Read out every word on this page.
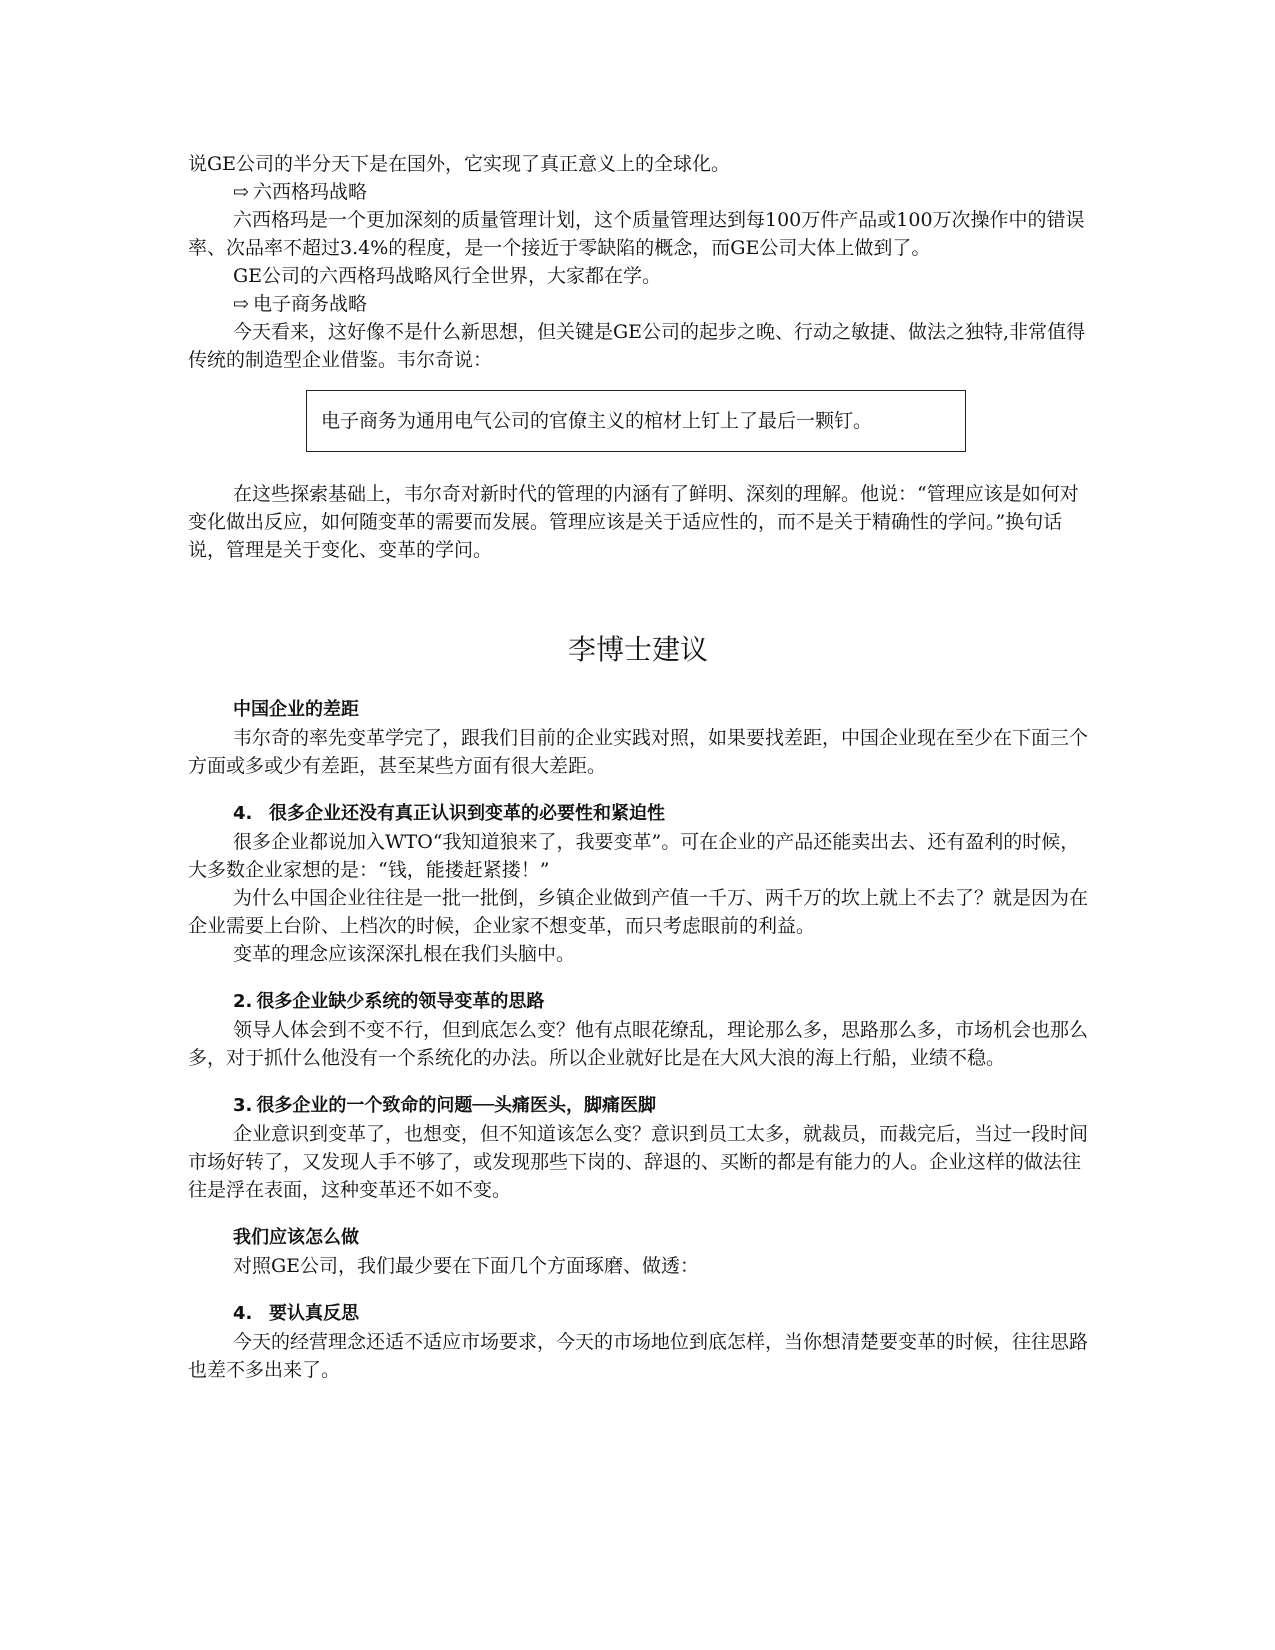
说GE公司的半分天下是在国外，它实现了真正意义上的全球化。

⇨ 六西格玛战略

六西格玛是一个更加深刻的质量管理计划，这个质量管理达到每100万件产品或100万次操作中的错误率、次品率不超过3.4%的程度，是一个接近于零缺陷的概念，而GE公司大体上做到了。

GE公司的六西格玛战略风行全世界，大家都在学。

⇨ 电子商务战略

今天看来，这好像不是什么新思想，但关键是GE公司的起步之晚、行动之敏捷、做法之独特,非常值得传统的制造型企业借鉴。韦尔奇说：

电子商务为通用电气公司的官僚主义的棺材上钉上了最后一颗钉。

在这些探索基础上，韦尔奇对新时代的管理的内涵有了鲜明、深刻的理解。他说：“管理应该是如何对变化做出反应，如何随变革的需要而发展。管理应该是关于适应性的，而不是关于精确性的学问。”换句话说，管理是关于变化、变革的学问。

李博士建议
中国企业的差距

韦尔奇的率先变革学完了，跟我们目前的企业实践对照，如果要找差距，中国企业现在至少在下面三个方面或多或少有差距，甚至某些方面有很大差距。

4. 很多企业还没有真正认识到变革的必要性和紧迫性

很多企业都说加入WTO“我知道狼来了，我要变革”。可在企业的产品还能卖出去、还有盈利的时候，大多数企业家想的是：“钱，能搂赶紧搂！”

为什么中国企业往往是一批一批倒，乡镇企业做到产值一千万、两千万的坎上就上不去了？就是因为在企业需要上台阶、上档次的时候，企业家不想变革，而只考虑眼前的利益。

变革的理念应该深深扎根在我们头脑中。

2. 很多企业缺少系统的领导变革的思路

领导人体会到不变不行，但到底怎么变？他有点眼花缭乱，理论那么多，思路那么多，市场机会也那么多，对于抓什么他没有一个系统化的办法。所以企业就好比是在大风大浪的海上行船，业绩不稳。

3. 很多企业的一个致命的问题──头痛医头，脚痛医脚

企业意识到变革了，也想变，但不知道该怎么变？意识到员工太多，就裁员，而裁完后，当过一段时间市场好转了，又发现人手不够了，或发现那些下岗的、辞退的、买断的都是有能力的人。企业这样的做法往往是浮在表面，这种变革还不如不变。

我们应该怎么做

对照GE公司，我们最少要在下面几个方面琢磨、做透：

4. 要认真反思

今天的经营理念还适不适应市场要求，今天的市场地位到底怎样，当你想清楚要变革的时候，往往思路也差不多出来了。
